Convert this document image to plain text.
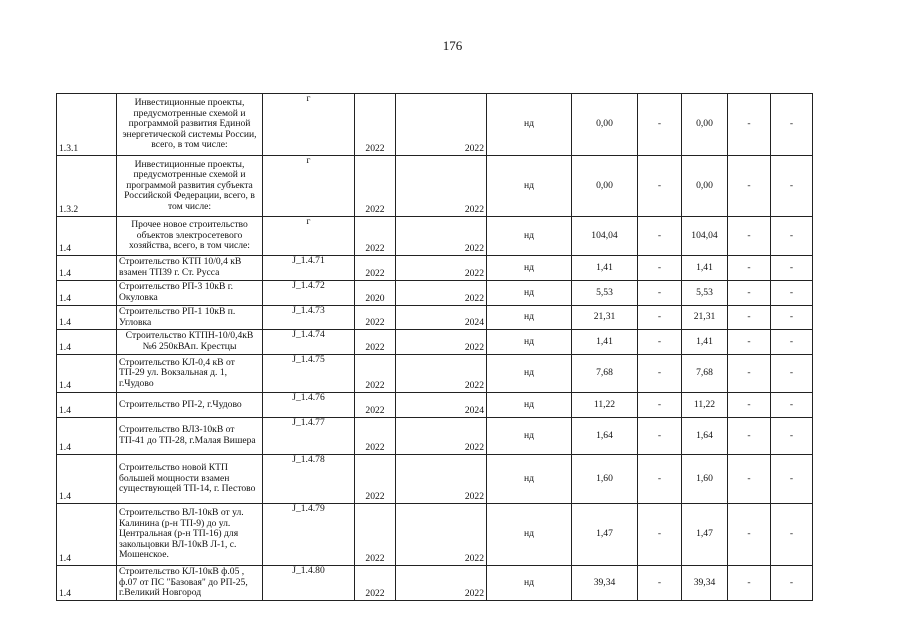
176
1.3.1	Инвестиционные проекты, предусмотренные схемой и программой развития Единой энергетической системы России, всего, в том числе:	г	2022	2022	нд	0,00	-	0,00	-	-
1.3.2	Инвестиционные проекты, предусмотренные схемой и программой развития субъекта Российской Федерации, всего, в том числе:	г	2022	2022	нд	0,00	-	0,00	-	-
1.4	Прочее новое строительство объектов электросетевого хозяйства, всего, в том числе:	г	2022	2022	нд	104,04	-	104,04	-	-
1.4	Строительство КТП 10/0,4 кВ взамен ТП39 г. Ст. Русса	J_1.4.71	2022	2022	нд	1,41	-	1,41	-	-
1.4	Строительство РП-3 10кВ г. Окуловка	J_1.4.72	2020	2022	нд	5,53	-	5,53	-	-
1.4	Строительство РП-1 10кВ п. Угловка	J_1.4.73	2022	2024	нд	21,31	-	21,31	-	-
1.4	Строительство КТПН-10/0,4кВ №6 250кВАп. Крестцы	J_1.4.74	2022	2022	нд	1,41	-	1,41	-	-
1.4	Строительство КЛ-0,4 кВ от ТП-29 ул. Вокзальная д. 1, г.Чудово	J_1.4.75	2022	2022	нд	7,68	-	7,68	-	-
1.4	Строительство РП-2, г.Чудово	J_1.4.76	2022	2024	нд	11,22	-	11,22	-	-
1.4	Строительство ВЛЗ-10кВ от ТП-41 до ТП-28, г.Малая Вишера	J_1.4.77	2022	2022	нд	1,64	-	1,64	-	-
1.4	Строительство новой КТП большей мощности взамен существующей ТП-14, г. Пестово	J_1.4.78	2022	2022	нд	1,60	-	1,60	-	-
1.4	Строительство ВЛ-10кВ от ул. Калинина (р-н ТП-9) до ул. Центральная (р-н ТП-16) для закольцовки ВЛ-10кВ Л-1, с. Мошенское.	J_1.4.79	2022	2022	нд	1,47	-	1,47	-	-
1.4	Строительство КЛ-10кВ ф.05 , ф.07 от ПС "Базовая" до РП-25, г.Великий Новгород	J_1.4.80	2022	2022	нд	39,34	-	39,34	-	-
